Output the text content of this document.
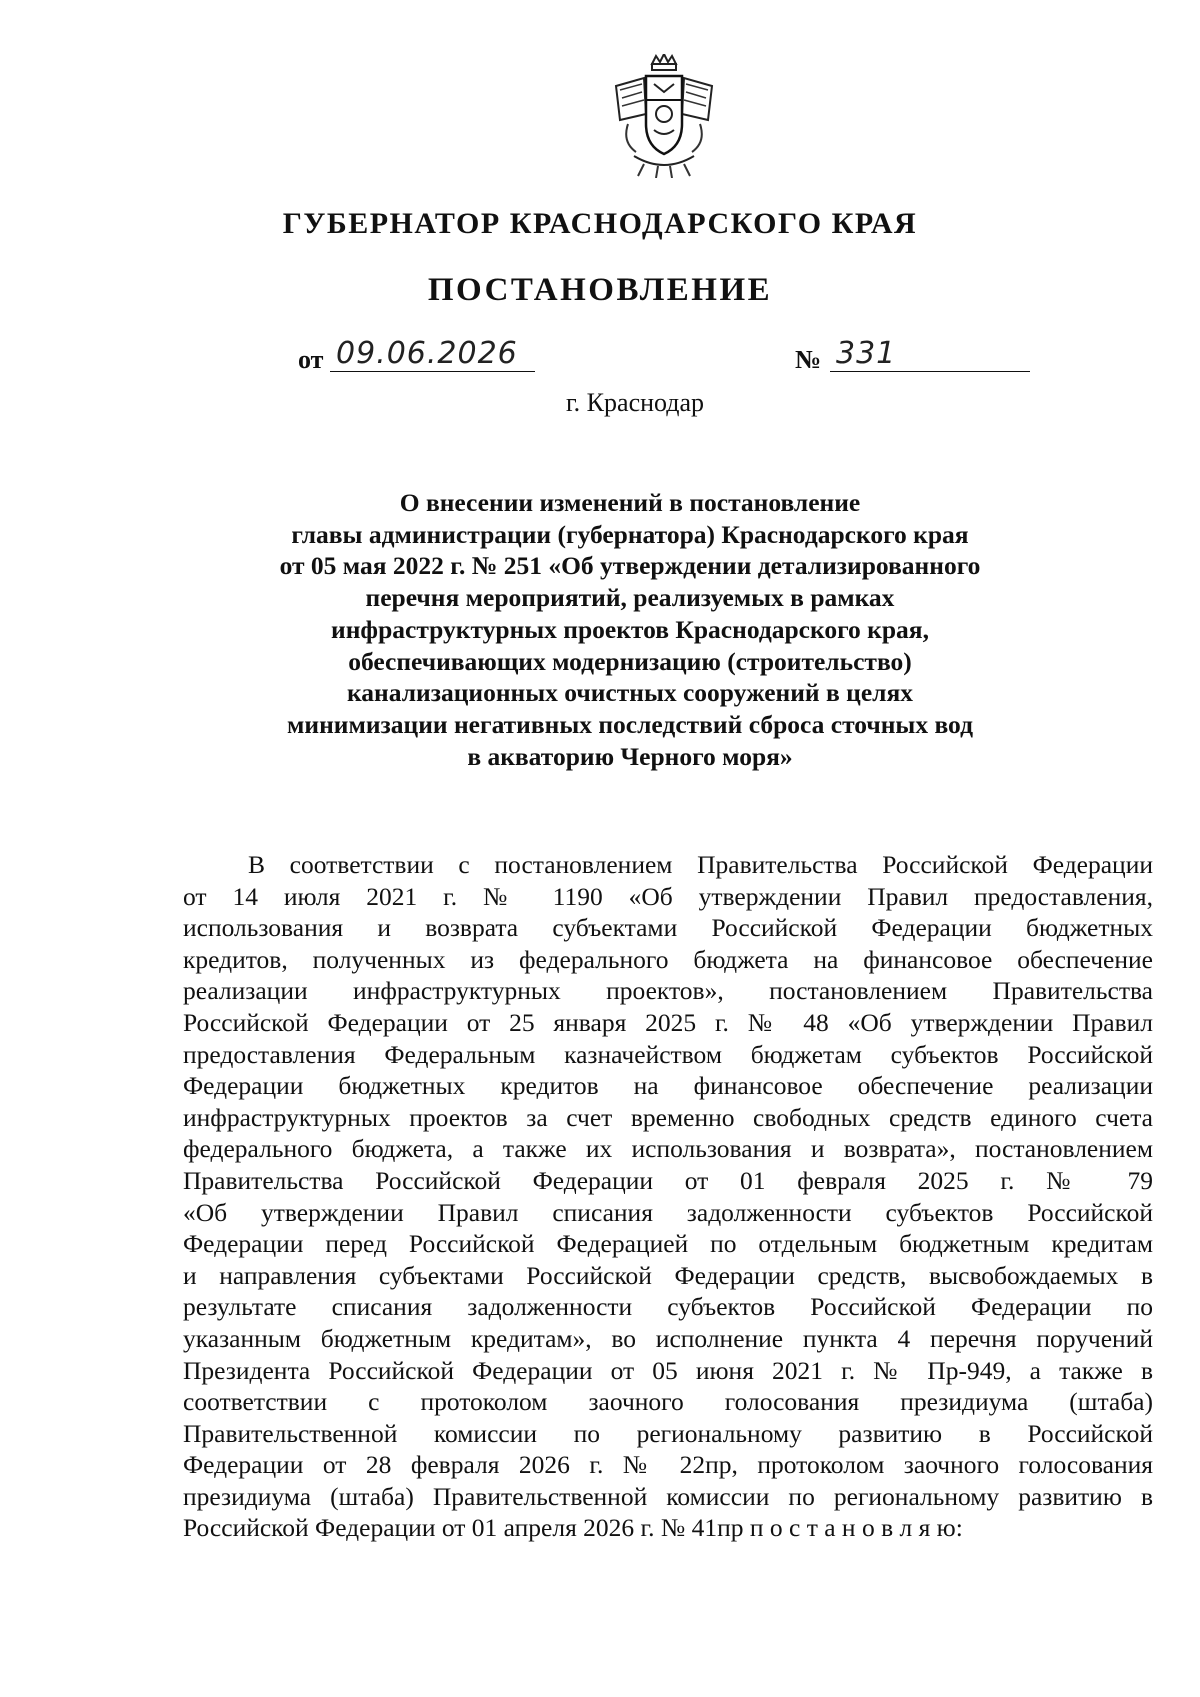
ГУБЕРНАТОР КРАСНОДАРСКОГО КРАЯ
ПОСТАНОВЛЕНИЕ
от 09.06.2026	№ 331
г. Краснодар
О внесении изменений в постановление
главы администрации (губернатора) Краснодарского края
от 05 мая 2022 г. № 251 «Об утверждении детализированного
перечня мероприятий, реализуемых в рамках
инфраструктурных проектов Краснодарского края,
обеспечивающих модернизацию (строительство)
канализационных очистных сооружений в целях
минимизации негативных последствий сброса сточных вод
в акваторию Черного моря»
В соответствии с постановлением Правительства Российской Федерации
от 14 июля 2021 г. № 1190 «Об утверждении Правил предоставления,
использования и возврата субъектами Российской Федерации бюджетных
кредитов, полученных из федерального бюджета на финансовое обеспечение
реализации инфраструктурных проектов», постановлением Правительства
Российской Федерации от 25 января 2025 г. № 48 «Об утверждении Правил
предоставления Федеральным казначейством бюджетам субъектов Российской
Федерации бюджетных кредитов на финансовое обеспечение реализации
инфраструктурных проектов за счет временно свободных средств единого счета
федерального бюджета, а также их использования и возврата», постановлением
Правительства Российской Федерации от 01 февраля 2025 г. № 79
«Об утверждении Правил списания задолженности субъектов Российской
Федерации перед Российской Федерацией по отдельным бюджетным кредитам
и направления субъектами Российской Федерации средств, высвобождаемых в
результате списания задолженности субъектов Российской Федерации по
указанным бюджетным кредитам», во исполнение пункта 4 перечня поручений
Президента Российской Федерации от 05 июня 2021 г. № Пр-949, а также в
соответствии с протоколом заочного голосования президиума (штаба)
Правительственной комиссии по региональному развитию в Российской
Федерации от 28 февраля 2026 г. № 22пр, протоколом заочного голосования
президиума (штаба) Правительственной комиссии по региональному развитию в
Российской Федерации от 01 апреля 2026 г. № 41пр п о с т а н о в л я ю:
